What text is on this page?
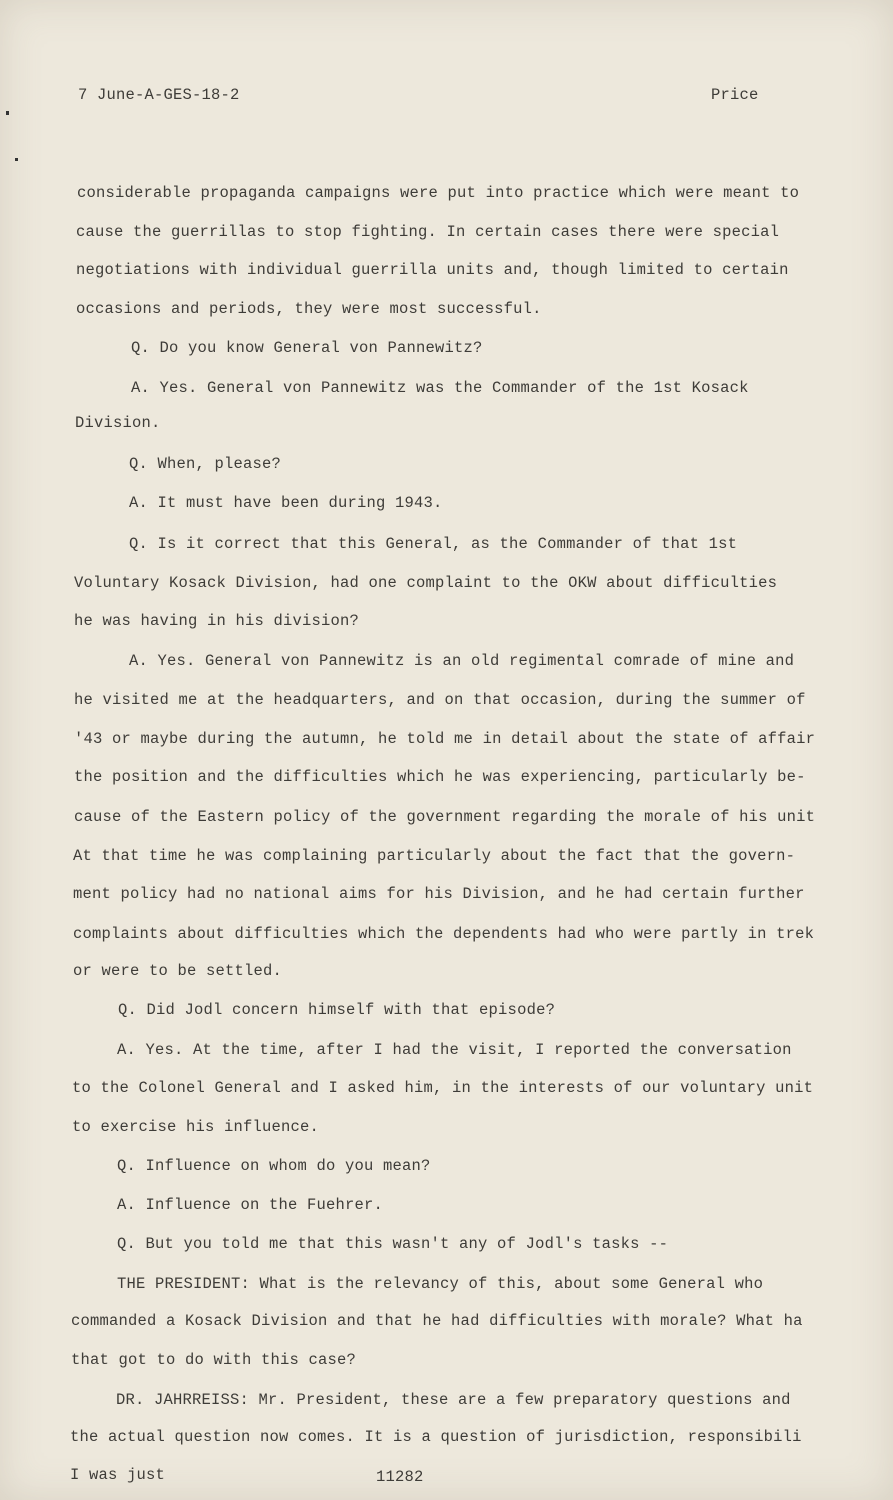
7 June-A-GES-18-2	Price
considerable propaganda campaigns were put into practice which were meant to
cause the guerrillas to stop fighting. In certain cases there were special
negotiations with individual guerrilla units and, though limited to certain
occasions and periods, they were most successful.
Q. Do you know General von Pannewitz?
A. Yes. General von Pannewitz was the Commander of the 1st Kosack
Division.
Q. When, please?
A. It must have been during 1943.
Q. Is it correct that this General, as the Commander of that 1st
Voluntary Kosack Division, had one complaint to the OKW about difficulties
he was having in his division?
A. Yes. General von Pannewitz is an old regimental comrade of mine and
he visited me at the headquarters, and on that occasion, during the summer of
'43 or maybe during the autumn, he told me in detail about the state of affair
the position and the difficulties which he was experiencing, particularly be-
cause of the Eastern policy of the government regarding the morale of his unit
At that time he was complaining particularly about the fact that the govern-
ment policy had no national aims for his Division, and he had certain further
complaints about difficulties which the dependents had who were partly in trek
or were to be settled.
Q. Did Jodl concern himself with that episode?
A. Yes. At the time, after I had the visit, I reported the conversation
to the Colonel General and I asked him, in the interests of our voluntary unit
to exercise his influence.
Q. Influence on whom do you mean?
A. Influence on the Fuehrer.
Q. But you told me that this wasn't any of Jodl's tasks --
THE PRESIDENT: What is the relevancy of this, about some General who
commanded a Kosack Division and that he had difficulties with morale? What ha
that got to do with this case?
DR. JAHRREISS: Mr. President, these are a few preparatory questions and
the actual question now comes. It is a question of jurisdiction, responsibili
I was just	11282
